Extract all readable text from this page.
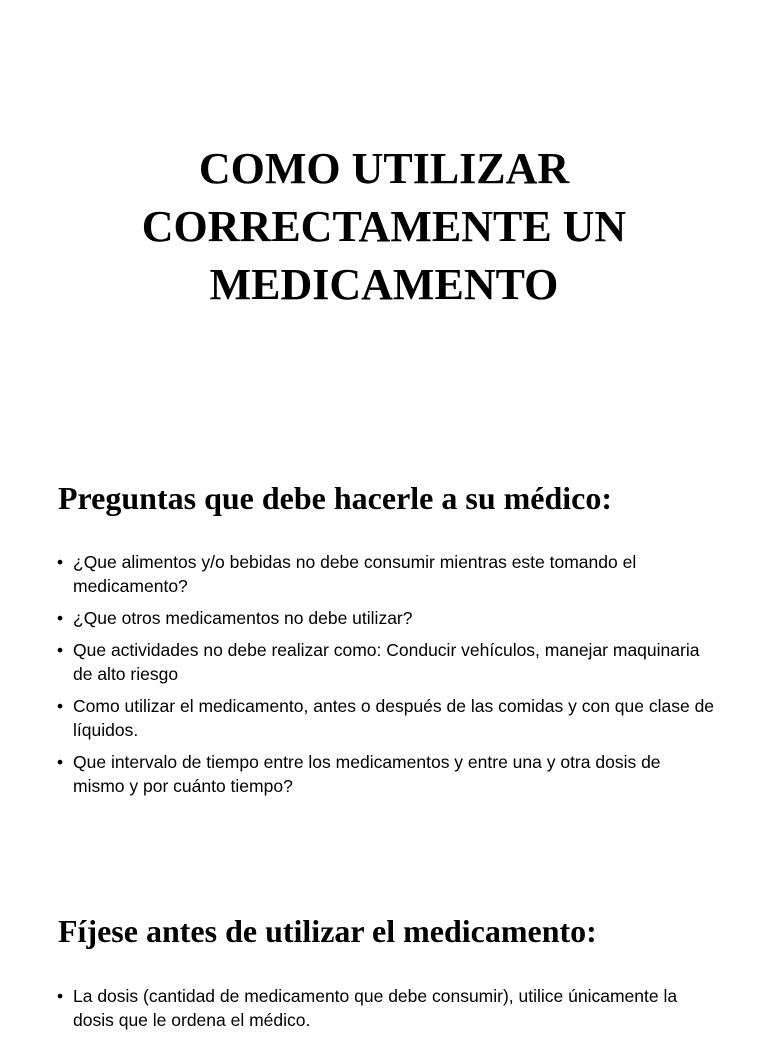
COMO UTILIZAR
CORRECTAMENTE UN
MEDICAMENTO
Preguntas que debe hacerle a su médico:
• ¿Que alimentos y/o bebidas no debe consumir mientras este tomando el medicamento?
• ¿Que otros medicamentos no debe utilizar?
• Que actividades no debe realizar como: Conducir vehículos, manejar maquinaria de alto riesgo
• Como utilizar el medicamento, antes o después de las comidas y con que clase de líquidos.
• Que intervalo de tiempo entre los medicamentos y entre una y otra dosis de mismo y por cuánto tiempo?
Fíjese antes de utilizar el medicamento:
• La dosis (cantidad de medicamento que debe consumir), utilice únicamente la dosis que le ordena el médico.
